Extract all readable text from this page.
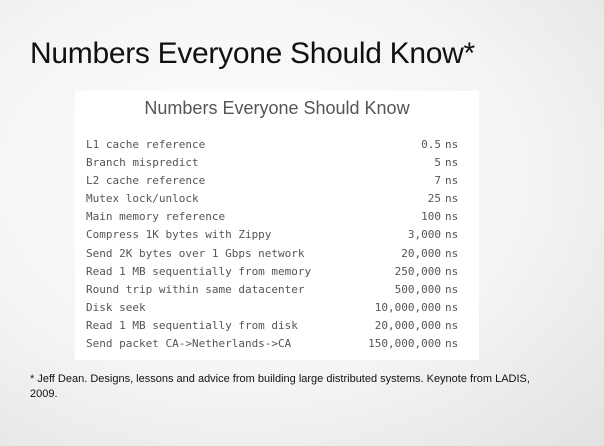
Numbers Everyone Should Know*
Numbers Everyone Should Know
L1 cache reference	0.5	ns
Branch mispredict	5	ns
L2 cache reference	7	ns
Mutex lock/unlock	25	ns
Main memory reference	100	ns
Compress 1K bytes with Zippy	3,000	ns
Send 2K bytes over 1 Gbps network	20,000	ns
Read 1 MB sequentially from memory	250,000	ns
Round trip within same datacenter	500,000	ns
Disk seek	10,000,000	ns
Read 1 MB sequentially from disk	20,000,000	ns
Send packet CA->Netherlands->CA	150,000,000	ns
* Jeff Dean. Designs, lessons and advice from building large distributed systems. Keynote from LADIS, 2009.
